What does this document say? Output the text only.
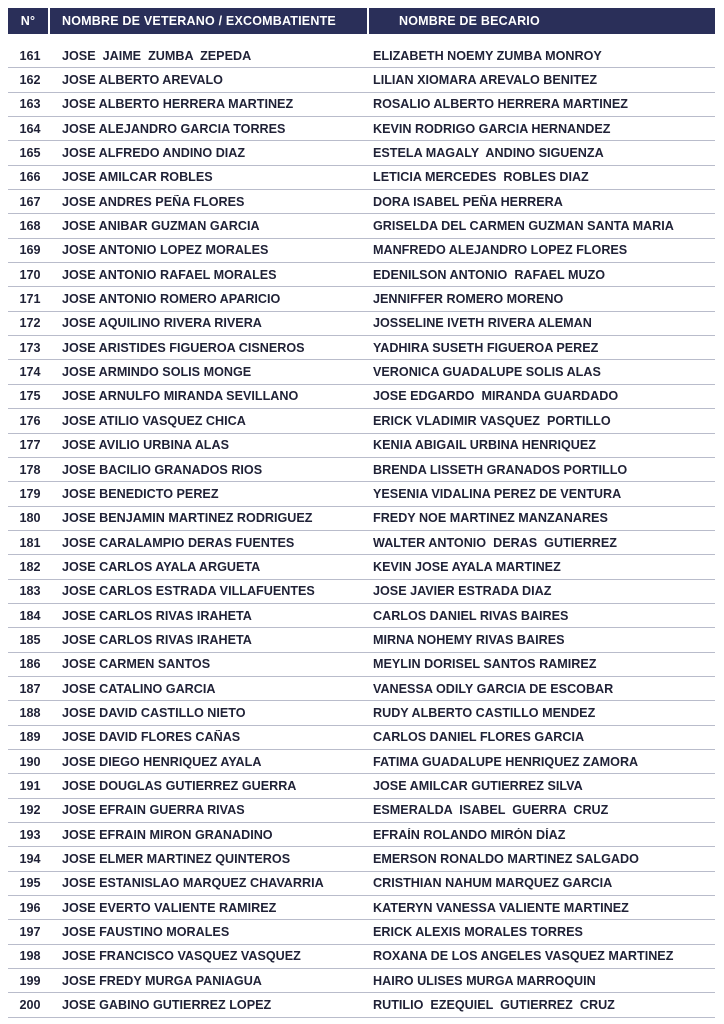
N°	NOMBRE DE VETERANO / EXCOMBATIENTE	NOMBRE DE BECARIO
161	JOSE  JAIME  ZUMBA  ZEPEDA	ELIZABETH NOEMY ZUMBA MONROY
162	JOSE ALBERTO AREVALO	LILIAN XIOMARA AREVALO BENITEZ
163	JOSE ALBERTO HERRERA MARTINEZ	ROSALIO ALBERTO HERRERA MARTINEZ
164	JOSE ALEJANDRO GARCIA TORRES	KEVIN RODRIGO GARCIA HERNANDEZ
165	JOSE ALFREDO ANDINO DIAZ	ESTELA MAGALY  ANDINO SIGUENZA
166	JOSE AMILCAR ROBLES	LETICIA MERCEDES  ROBLES DIAZ
167	JOSE ANDRES PEÑA FLORES	DORA ISABEL PEÑA HERRERA
168	JOSE ANIBAR GUZMAN GARCIA	GRISELDA DEL CARMEN GUZMAN SANTA MARIA
169	JOSE ANTONIO LOPEZ MORALES	MANFREDO ALEJANDRO LOPEZ FLORES
170	JOSE ANTONIO RAFAEL MORALES	EDENILSON ANTONIO  RAFAEL MUZO
171	JOSE ANTONIO ROMERO APARICIO	JENNIFFER ROMERO MORENO
172	JOSE AQUILINO RIVERA RIVERA	JOSSELINE IVETH RIVERA ALEMAN
173	JOSE ARISTIDES FIGUEROA CISNEROS	YADHIRA SUSETH FIGUEROA PEREZ
174	JOSE ARMINDO SOLIS MONGE	VERONICA GUADALUPE SOLIS ALAS
175	JOSE ARNULFO MIRANDA SEVILLANO	JOSE EDGARDO  MIRANDA GUARDADO
176	JOSE ATILIO VASQUEZ CHICA	ERICK VLADIMIR VASQUEZ  PORTILLO
177	JOSE AVILIO URBINA ALAS	KENIA ABIGAIL URBINA HENRIQUEZ
178	JOSE BACILIO GRANADOS RIOS	BRENDA LISSETH GRANADOS PORTILLO
179	JOSE BENEDICTO PEREZ	YESENIA VIDALINA PEREZ DE VENTURA
180	JOSE BENJAMIN MARTINEZ RODRIGUEZ	FREDY NOE MARTINEZ MANZANARES
181	JOSE CARALAMPIO DERAS FUENTES	WALTER ANTONIO  DERAS  GUTIERREZ
182	JOSE CARLOS AYALA ARGUETA	KEVIN JOSE AYALA MARTINEZ
183	JOSE CARLOS ESTRADA VILLAFUENTES	JOSE JAVIER ESTRADA DIAZ
184	JOSE CARLOS RIVAS IRAHETA	CARLOS DANIEL RIVAS BAIRES
185	JOSE CARLOS RIVAS IRAHETA	MIRNA NOHEMY RIVAS BAIRES
186	JOSE CARMEN SANTOS	MEYLIN DORISEL SANTOS RAMIREZ
187	JOSE CATALINO GARCIA	VANESSA ODILY GARCIA DE ESCOBAR
188	JOSE DAVID CASTILLO NIETO	RUDY ALBERTO CASTILLO MENDEZ
189	JOSE DAVID FLORES CAÑAS	CARLOS DANIEL FLORES GARCIA
190	JOSE DIEGO HENRIQUEZ AYALA	FATIMA GUADALUPE HENRIQUEZ ZAMORA
191	JOSE DOUGLAS GUTIERREZ GUERRA	JOSE AMILCAR GUTIERREZ SILVA
192	JOSE EFRAIN GUERRA RIVAS	ESMERALDA  ISABEL  GUERRA  CRUZ
193	JOSE EFRAIN MIRON GRANADINO	EFRAÍN ROLANDO MIRÓN DÍAZ
194	JOSE ELMER MARTINEZ QUINTEROS	EMERSON RONALDO MARTINEZ SALGADO
195	JOSE ESTANISLAO MARQUEZ CHAVARRIA	CRISTHIAN NAHUM MARQUEZ GARCIA
196	JOSE EVERTO VALIENTE RAMIREZ	KATERYN VANESSA VALIENTE MARTINEZ
197	JOSE FAUSTINO MORALES	ERICK ALEXIS MORALES TORRES
198	JOSE FRANCISCO VASQUEZ VASQUEZ	ROXANA DE LOS ANGELES VASQUEZ MARTINEZ
199	JOSE FREDY MURGA PANIAGUA	HAIRO ULISES MURGA MARROQUIN
200	JOSE GABINO GUTIERREZ LOPEZ	RUTILIO  EZEQUIEL  GUTIERREZ  CRUZ
